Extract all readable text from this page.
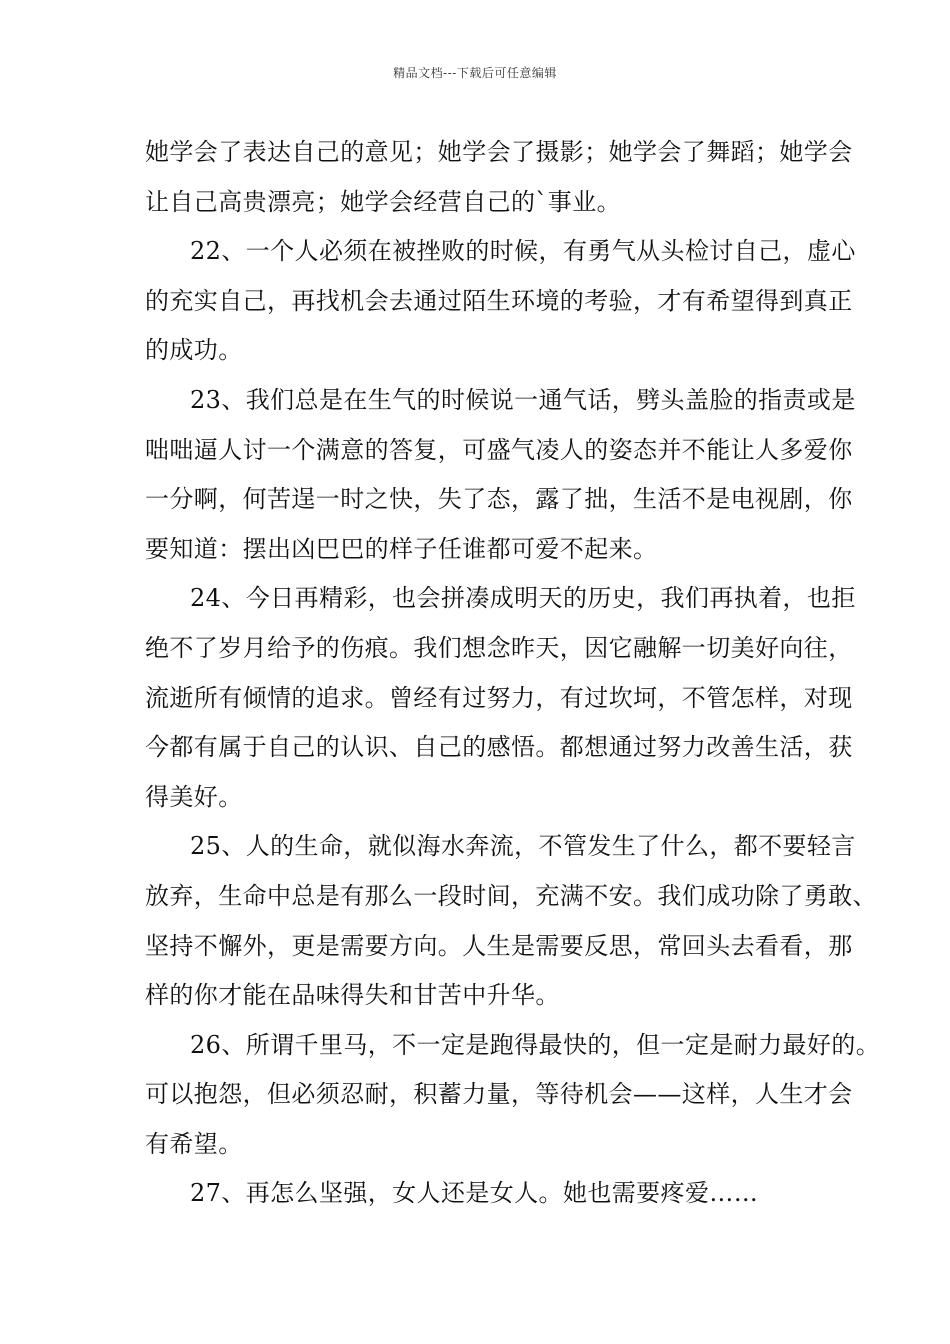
精品文档---下载后可任意编辑
她学会了表达自己的意见；她学会了摄影；她学会了舞蹈；她学会
让自己高贵漂亮；她学会经营自己的`事业。
22、一个人必须在被挫败的时候，有勇气从头检讨自己，虚心
的充实自己，再找机会去通过陌生环境的考验，才有希望得到真正
的成功。
23、我们总是在生气的时候说一通气话，劈头盖脸的指责或是
咄咄逼人讨一个满意的答复，可盛气凌人的姿态并不能让人多爱你
一分啊，何苦逞一时之快，失了态，露了拙，生活不是电视剧，你
要知道：摆出凶巴巴的样子任谁都可爱不起来。
24、今日再精彩，也会拼凑成明天的历史，我们再执着，也拒
绝不了岁月给予的伤痕。我们想念昨天，因它融解一切美好向往，
流逝所有倾情的追求。曾经有过努力，有过坎坷，不管怎样，对现
今都有属于自己的认识、自己的感悟。都想通过努力改善生活，获
得美好。
25、人的生命，就似海水奔流，不管发生了什么，都不要轻言
放弃，生命中总是有那么一段时间，充满不安。我们成功除了勇敢、
坚持不懈外，更是需要方向。人生是需要反思，常回头去看看，那
样的你才能在品味得失和甘苦中升华。
26、所谓千里马，不一定是跑得最快的，但一定是耐力最好的。
可以抱怨，但必须忍耐，积蓄力量，等待机会——这样，人生才会
有希望。
27、再怎么坚强，女人还是女人。她也需要疼爱……
